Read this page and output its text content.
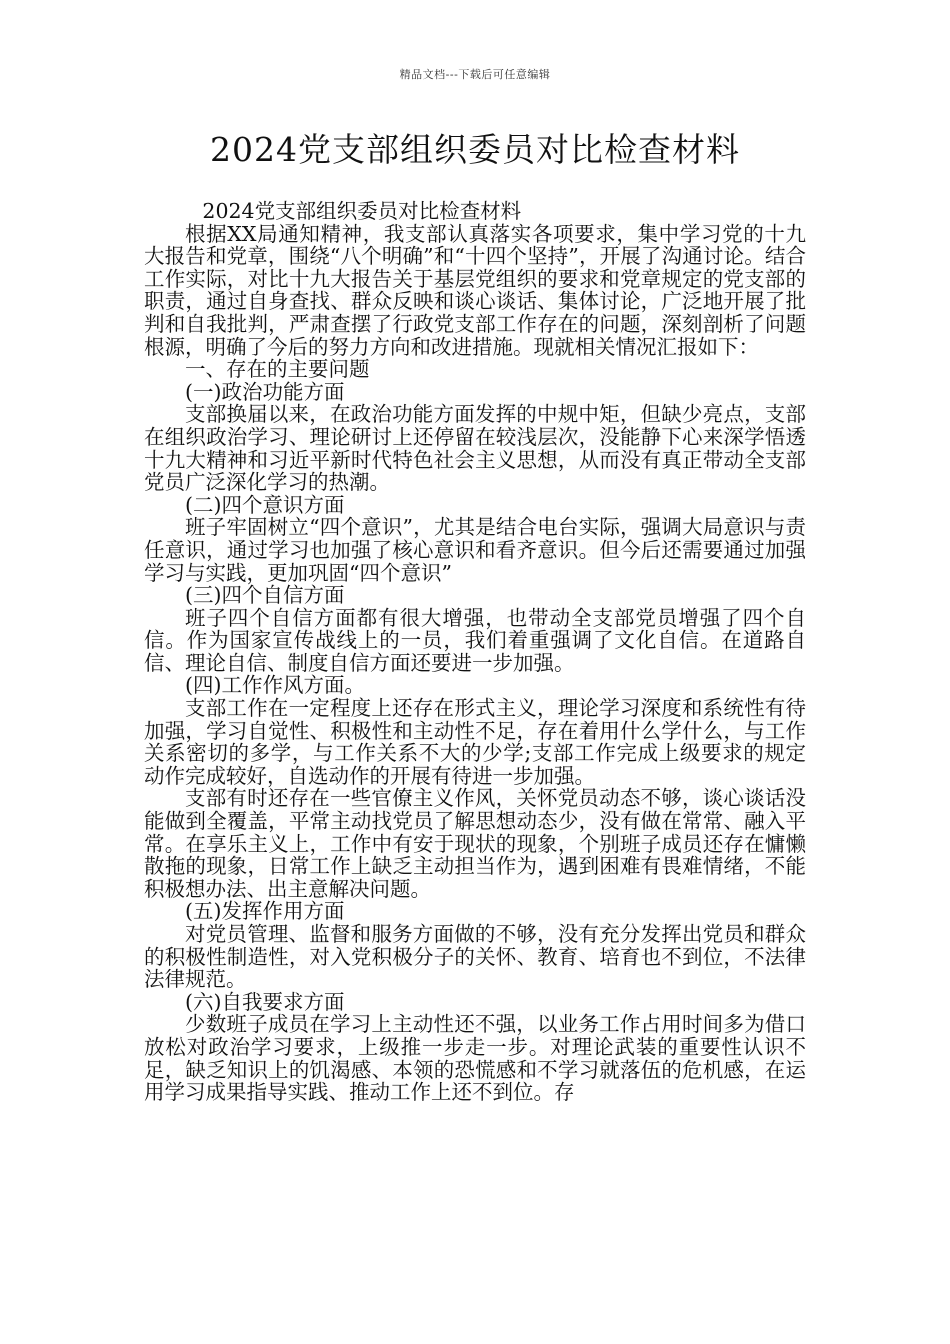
精品文档---下载后可任意编辑
2024党支部组织委员对比检查材料

2024党支部组织委员对比检查材料

根据XX局通知精神，我支部认真落实各项要求，集中学习党的十九大报告和党章，围绕“八个明确”和“十四个坚持”，开展了沟通讨论。结合工作实际，对比十九大报告关于基层党组织的要求和党章规定的党支部的职责，通过自身查找、群众反映和谈心谈话、集体讨论，广泛地开展了批判和自我批判，严肃查摆了行政党支部工作存在的问题，深刻剖析了问题根源，明确了今后的努力方向和改进措施。现就相关情况汇报如下：

一、存在的主要问题

(一)政治功能方面

支部换届以来，在政治功能方面发挥的中规中矩，但缺少亮点，支部在组织政治学习、理论研讨上还停留在较浅层次，没能静下心来深学悟透十九大精神和习近平新时代特色社会主义思想，从而没有真正带动全支部党员广泛深化学习的热潮。

(二)四个意识方面

班子牢固树立“四个意识”，尤其是结合电台实际，强调大局意识与责任意识，通过学习也加强了核心意识和看齐意识。但今后还需要通过加强学习与实践，更加巩固“四个意识”

(三)四个自信方面

班子四个自信方面都有很大增强，也带动全支部党员增强了四个自信。作为国家宣传战线上的一员，我们着重强调了文化自信。在道路自信、理论自信、制度自信方面还要进一步加强。

(四)工作作风方面。

支部工作在一定程度上还存在形式主义，理论学习深度和系统性有待加强，学习自觉性、积极性和主动性不足，存在着用什么学什么，与工作关系密切的多学，与工作关系不大的少学;支部工作完成上级要求的规定动作完成较好，自选动作的开展有待进一步加强。

支部有时还存在一些官僚主义作风，关怀党员动态不够，谈心谈话没能做到全覆盖，平常主动找党员了解思想动态少，没有做在常常、融入平常。在享乐主义上，工作中有安于现状的现象，个别班子成员还存在慵懒散拖的现象，日常工作上缺乏主动担当作为，遇到困难有畏难情绪，不能积极想办法、出主意解决问题。

(五)发挥作用方面

对党员管理、监督和服务方面做的不够，没有充分发挥出党员和群众的积极性制造性，对入党积极分子的关怀、教育、培育也不到位，不法律法律规范。

(六)自我要求方面

少数班子成员在学习上主动性还不强，以业务工作占用时间多为借口放松对政治学习要求，上级推一步走一步。对理论武装的重要性认识不足，缺乏知识上的饥渴感、本领的恐慌感和不学习就落伍的危机感，在运用学习成果指导实践、推动工作上还不到位。存
